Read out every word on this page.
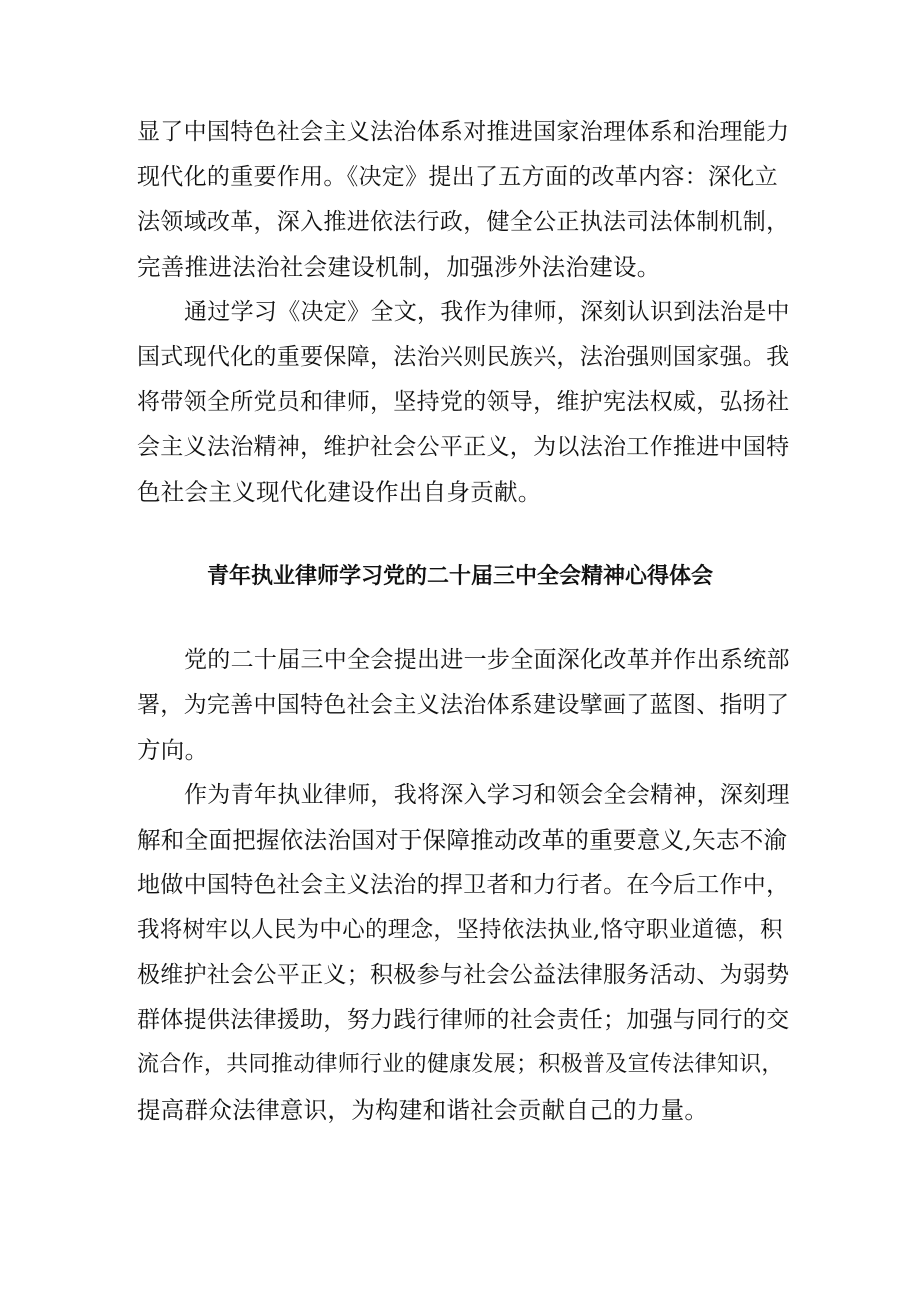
显了中国特色社会主义法治体系对推进国家治理体系和治理能力
现代化的重要作用。《决定》提出了五方面的改革内容：深化立
法领域改革，深入推进依法行政，健全公正执法司法体制机制，
完善推进法治社会建设机制，加强涉外法治建设。
通过学习《决定》全文，我作为律师，深刻认识到法治是中
国式现代化的重要保障，法治兴则民族兴，法治强则国家强。我
将带领全所党员和律师，坚持党的领导，维护宪法权威，弘扬社
会主义法治精神，维护社会公平正义，为以法治工作推进中国特
色社会主义现代化建设作出自身贡献。
青年执业律师学习党的二十届三中全会精神心得体会
党的二十届三中全会提出进一步全面深化改革并作出系统部
署，为完善中国特色社会主义法治体系建设擘画了蓝图、指明了
方向。
作为青年执业律师，我将深入学习和领会全会精神，深刻理
解和全面把握依法治国对于保障推动改革的重要意义,矢志不渝
地做中国特色社会主义法治的捍卫者和力行者。在今后工作中，
我将树牢以人民为中心的理念，坚持依法执业,恪守职业道德，积
极维护社会公平正义；积极参与社会公益法律服务活动、为弱势
群体提供法律援助，努力践行律师的社会责任；加强与同行的交
流合作，共同推动律师行业的健康发展；积极普及宣传法律知识，
提高群众法律意识，为构建和谐社会贡献自己的力量。
